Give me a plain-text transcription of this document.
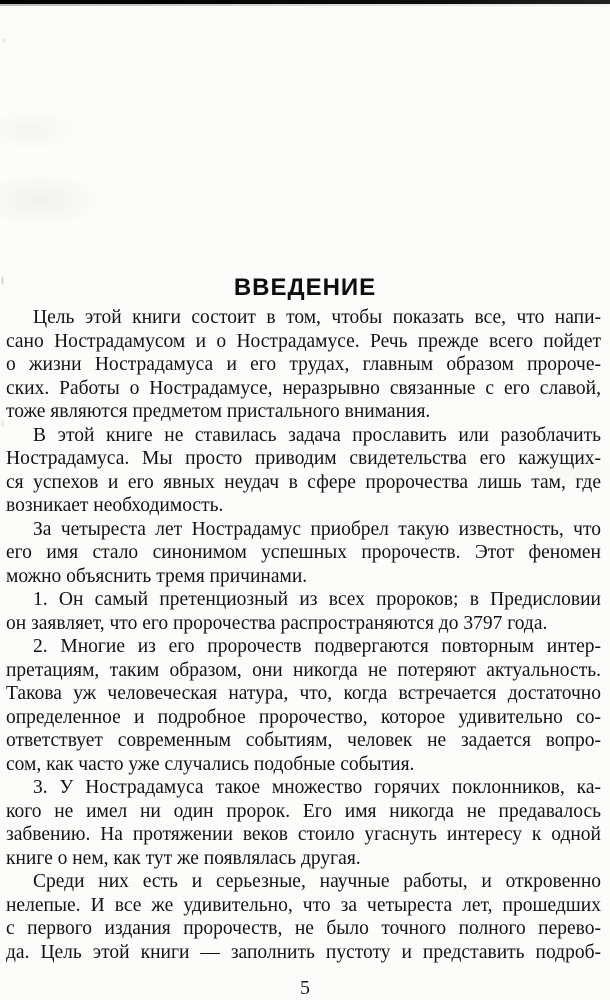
ВВЕДЕНИЕ
Цель этой книги состоит в том, чтобы показать все, что напи-
сано Нострадамусом и о Нострадамусе. Речь прежде всего пойдет
о жизни Нострадамуса и его трудах, главным образом пророче-
ских. Работы о Нострадамусе, неразрывно связанные с его славой,
тоже являются предметом пристального внимания.
В этой книге не ставилась задача прославить или разоблачить
Нострадамуса. Мы просто приводим свидетельства его кажущих-
ся успехов и его явных неудач в сфере пророчества лишь там, где
возникает необходимость.
За четыреста лет Нострадамус приобрел такую известность, что
его имя стало синонимом успешных пророчеств. Этот феномен
можно объяснить тремя причинами.
1. Он самый претенциозный из всех пророков; в Предисловии
он заявляет, что его пророчества распространяются до 3797 года.
2. Многие из его пророчеств подвергаются повторным интер-
претациям, таким образом, они никогда не потеряют актуальность.
Такова уж человеческая натура, что, когда встречается достаточно
определенное и подробное пророчество, которое удивительно со-
ответствует современным событиям, человек не задается вопро-
сом, как часто уже случались подобные события.
3. У Нострадамуса такое множество горячих поклонников, ка-
кого не имел ни один пророк. Его имя никогда не предавалось
забвению. На протяжении веков стоило угаснуть интересу к одной
книге о нем, как тут же появлялась другая.
Среди них есть и серьезные, научные работы, и откровенно
нелепые. И все же удивительно, что за четыреста лет, прошедших
с первого издания пророчеств, не было точного полного перево-
да. Цель этой книги — заполнить пустоту и представить подроб-
5
